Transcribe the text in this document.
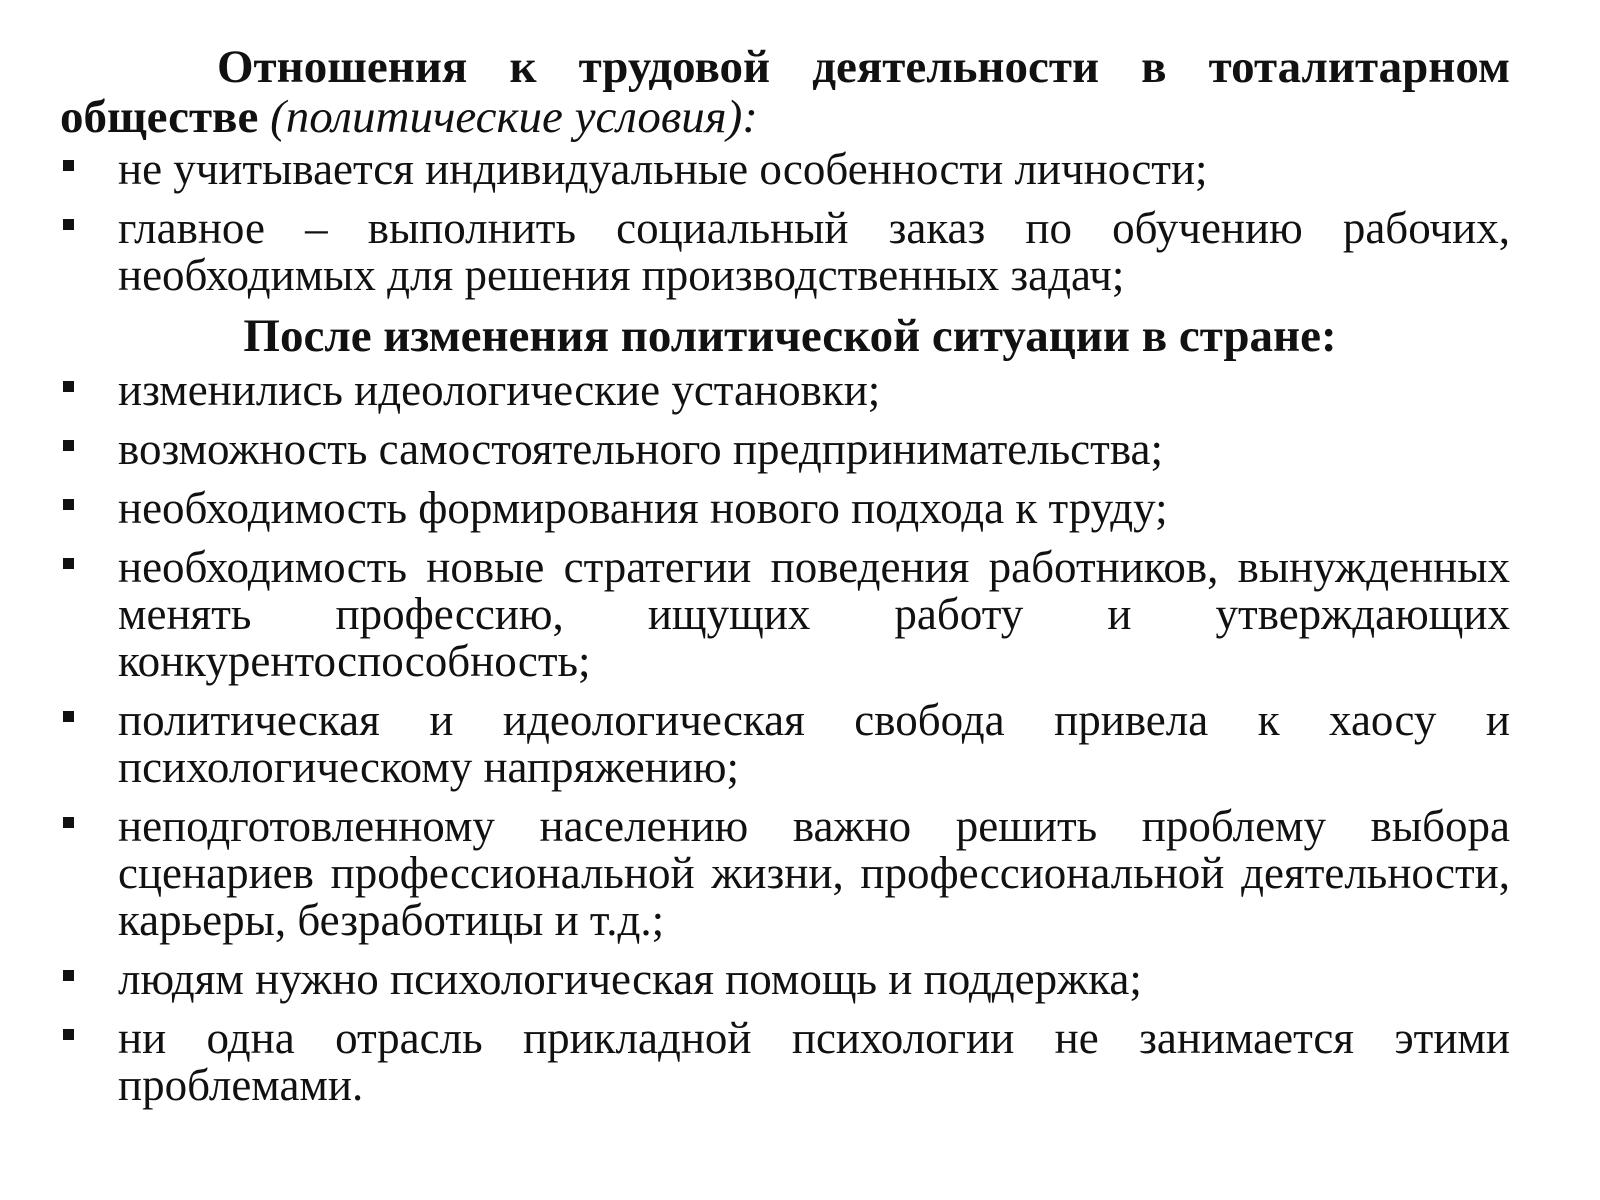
Отношения к трудовой деятельности в тоталитарном обществе (политические условия):

не учитывается индивидуальные особенности личности;
главное – выполнить социальный заказ по обучению рабочих, необходимых для решения производственных задач;

После изменения политической ситуации в стране:

изменились идеологические установки;
возможность самостоятельного предпринимательства;
необходимость формирования нового подхода к труду;
необходимость новые стратегии поведения работников, вынужденных менять профессию, ищущих работу и утверждающих конкурентоспособность;
политическая и идеологическая свобода привела к хаосу и психологическому напряжению;
неподготовленному населению важно решить проблему выбора сценариев профессиональной жизни, профессиональной деятельности, карьеры, безработицы и т.д.;
людям нужно психологическая помощь и поддержка;
ни одна отрасль прикладной психологии не занимается этими проблемами.
